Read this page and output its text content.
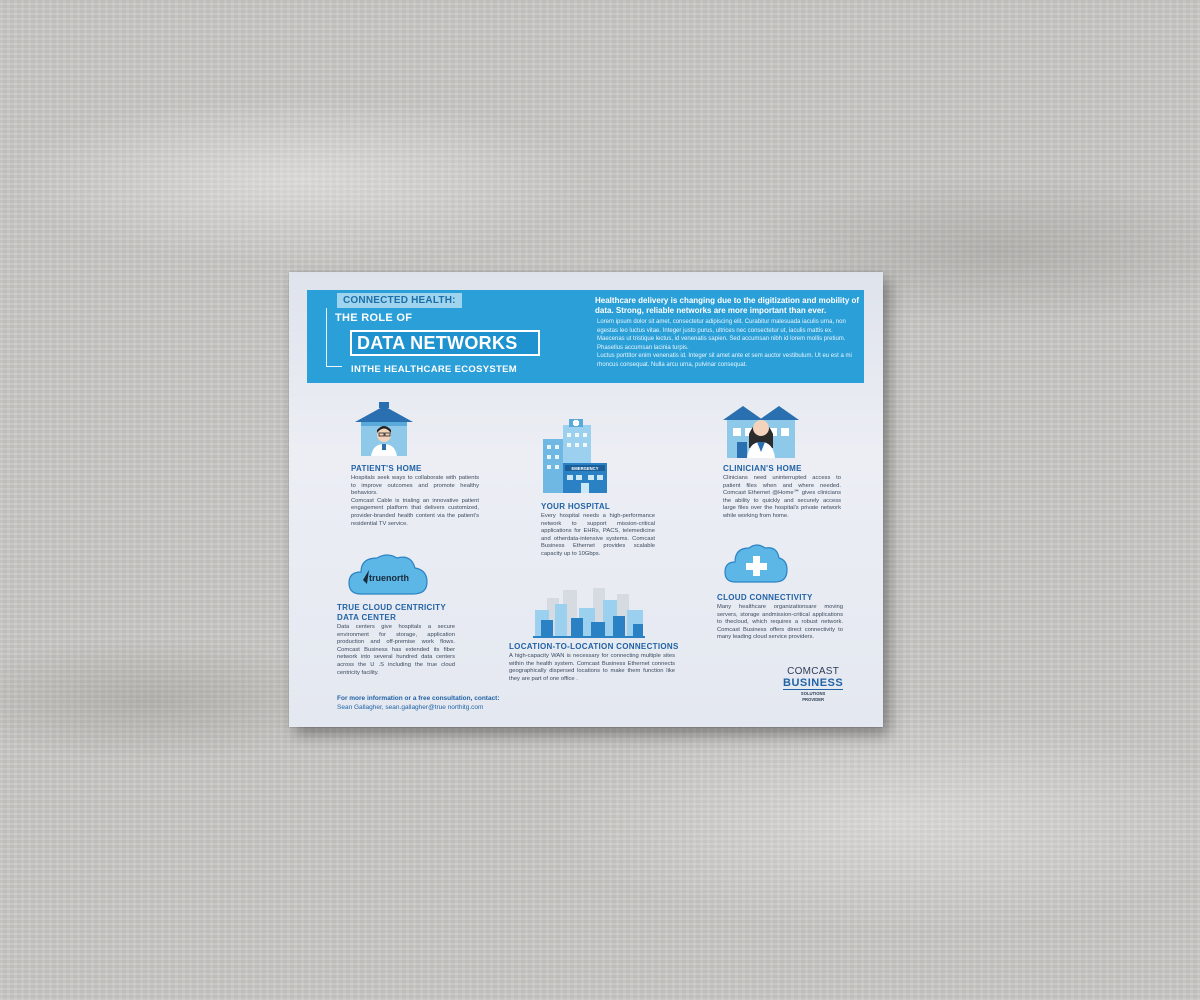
CONNECTED HEALTH:
THE ROLE OF
DATA NETWORKS
INTHE HEALTHCARE ECOSYSTEM
Healthcare delivery is changing due to the digitization and mobility of data. Strong, reliable networks are more important than ever.
Lorem ipsum dolor sit amet, consectetur adipiscing elit. Curabitur malesuada iaculis urna, non egestas leo luctus vitae. Integer justo purus, ultrices nec consectetur ut, iaculis mattis ex. Maecenas ut tristique lectus, id venenatis sapien. Sed accumsan nibh id lorem mollis pretium. Phasellus accumsan lacinia turpis.
Luctus porttitor enim venenatis id. Integer sit amet ante et sem auctor vestibulum. Ut eu est a mi rhoncus consequat. Nulla arcu urna, pulvinar consequat.
PATIENT'S HOME
Hospitals seek ways to collaborate with patients to improve outcomes and promote healthy behaviors.
Comcast Cable is trialing an innovative patient engagement platform that delivers customized, provider-branded health content via the patient's residential TV service.
EMERGENCY
YOUR HOSPITAL
Every hospital needs a high-performance network to support mission-critical applications for EHRs, PACS, telemedicine and otherdata-intensive systems. Comcast Business Ethernet provides scalable capacity up to 10Gbps.
CLINICIAN'S HOME
Clinicians need uninterrupted access to patient files when and where needed. Comcast Ethernet @Home℠ gives clinicians the ability to quickly and securely access large files over the hospital's private network while working from home.
truenorth
TRUE CLOUD CENTRICITY DATA CENTER
Data centers give hospitals a secure environment for storage, application production and off-premise work flows. Comcast Business has extended its fiber network into several hundred data centers across the U .S including the true cloud centricity facility.
LOCATION-TO-LOCATION CONNECTIONS
A high-capacity WAN is necessary for connecting multiple sites within the health system. Comcast Business Ethernet connects geographically dispersed locations to make them function like they are part of one office .
CLOUD CONNECTIVITY
Many healthcare organizationsare moving servers, storage andmission-critical applications to thecloud, which requires a robust network. Comcast Business offers direct connectivity to many leading cloud service providers.
For more information or a free consultation, contact:
Sean Gallagher, sean.gallagher@true northitg.com
COMCAST
BUSINESS
SOLUTIONS
PROVIDER
